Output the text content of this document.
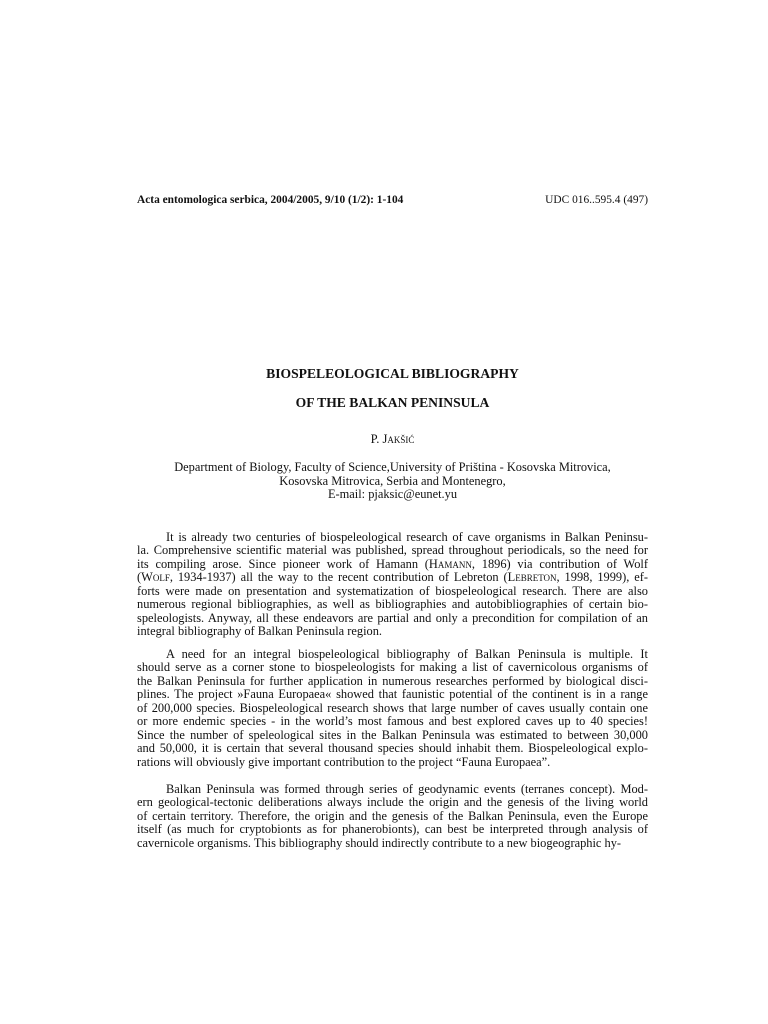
Acta entomologica serbica, 2004/2005, 9/10 (1/2): 1-104	UDC 016..595.4 (497)
BIOSPELEOLOGICAL BIBLIOGRAPHY
OF THE BALKAN PENINSULA
P. Jakšić
Department of Biology, Faculty of Science,University of Priština - Kosovska Mitrovica,
Kosovska Mitrovica, Serbia and Montenegro,
E-mail: pjaksic@eunet.yu
It is already two centuries of biospeleological research of cave organisms in Balkan Peninsu-
la. Comprehensive scientific material was published, spread throughout periodicals, so the need for
its compiling arose. Since pioneer work of Hamann (Hamann, 1896) via contribution of Wolf
(Wolf, 1934-1937) all the way to the recent contribution of Lebreton (Lebreton, 1998, 1999), ef-
forts were made on presentation and systematization of biospeleological research. There are also
numerous regional bibliographies, as well as bibliographies and autobibliographies of certain bio-
speleologists. Anyway, all these endeavors are partial and only a precondition for compilation of an
integral bibliography of Balkan Peninsula region.
A need for an integral biospeleological bibliography of Balkan Peninsula is multiple. It
should serve as a corner stone to biospeleologists for making a list of cavernicolous organisms of
the Balkan Peninsula for further application in numerous researches performed by biological disci-
plines. The project »Fauna Europaea« showed that faunistic potential of the continent is in a range
of 200,000 species. Biospeleological research shows that large number of caves usually contain one
or more endemic species - in the world’s most famous and best explored caves up to 40 species!
Since the number of speleological sites in the Balkan Peninsula was estimated to between 30,000
and 50,000, it is certain that several thousand species should inhabit them. Biospeleological explo-
rations will obviously give important contribution to the project “Fauna Europaea”.
Balkan Peninsula was formed through series of geodynamic events (terranes concept). Mod-
ern geological-tectonic deliberations always include the origin and the genesis of the living world
of certain territory. Therefore, the origin and the genesis of the Balkan Peninsula, even the Europe
itself (as much for cryptobionts as for phanerobionts), can best be interpreted through analysis of
cavernicole organisms. This bibliography should indirectly contribute to a new biogeographic hy-
